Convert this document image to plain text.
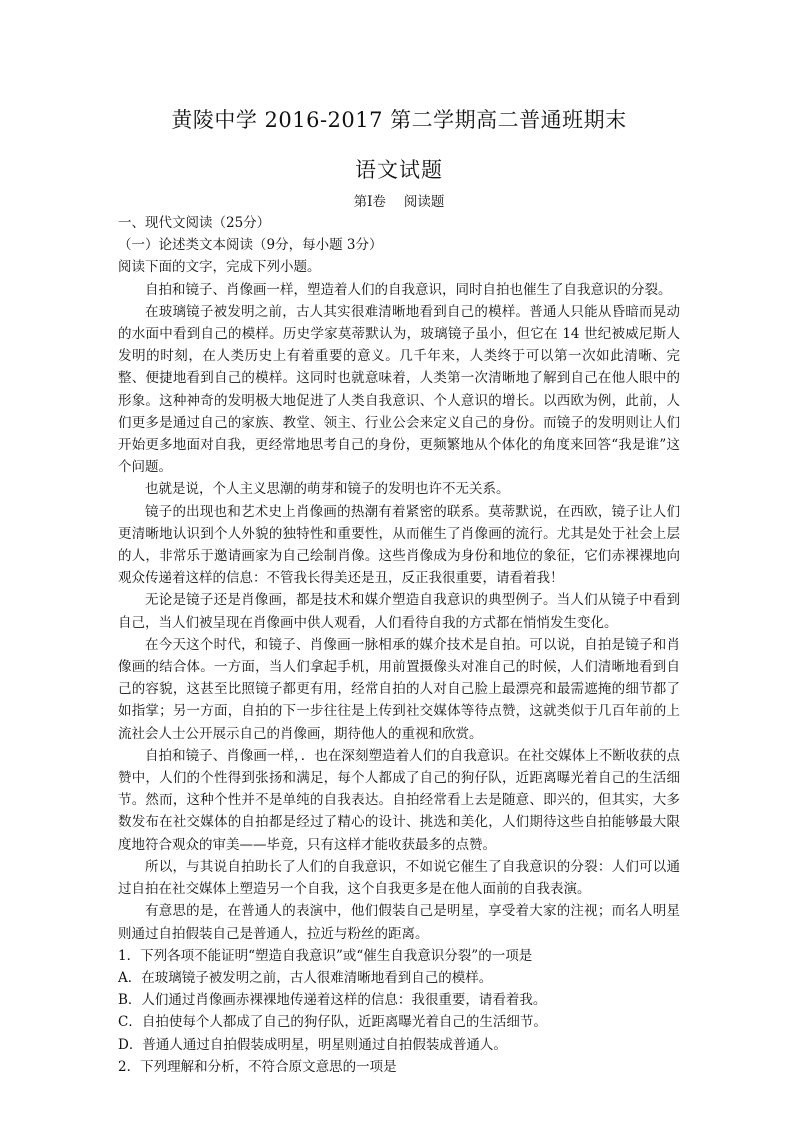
黄陵中学 2016-2017 第二学期高二普通班期末
语文试题
第Ⅰ卷 阅读题
一、现代文阅读（25分）
（一）论述类文本阅读（9分，每小题 3分）
阅读下面的文字，完成下列小题。
自拍和镜子、肖像画一样，塑造着人们的自我意识，同时自拍也催生了自我意识的分裂。
在玻璃镜子被发明之前，古人其实很难清晰地看到自己的模样。普通人只能从昏暗而晃动的水面中看到自己的模样。历史学家莫蒂默认为，玻璃镜子虽小，但它在 14 世纪被威尼斯人发明的时刻，在人类历史上有着重要的意义。几千年来，人类终于可以第一次如此清晰、完整、便捷地看到自己的模样。这同时也就意味着，人类第一次清晰地了解到自己在他人眼中的形象。这种神奇的发明极大地促进了人类自我意识、个人意识的增长。以西欧为例，此前，人们更多是通过自己的家族、教堂、领主、行业公会来定义自己的身份。而镜子的发明则让人们开始更多地面对自我，更经常地思考自己的身份，更频繁地从个体化的角度来回答“我是谁”这个问题。
也就是说，个人主义思潮的萌芽和镜子的发明也许不无关系。
镜子的出现也和艺术史上肖像画的热潮有着紧密的联系。莫蒂默说，在西欧，镜子让人们更清晰地认识到个人外貌的独特性和重要性，从而催生了肖像画的流行。尤其是处于社会上层的人，非常乐于邀请画家为自己绘制肖像。这些肖像成为身份和地位的象征，它们赤裸裸地向观众传递着这样的信息：不管我长得美还是丑，反正我很重要，请看着我！
无论是镜子还是肖像画，都是技术和媒介塑造自我意识的典型例子。当人们从镜子中看到自己，当人们被呈现在肖像画中供人观看，人们看待自我的方式都在悄悄发生变化。
在今天这个时代，和镜子、肖像画一脉相承的媒介技术是自拍。可以说，自拍是镜子和肖像画的结合体。一方面，当人们拿起手机，用前置摄像头对准自己的时候，人们清晰地看到自己的容貌，这甚至比照镜子都更有用，经常自拍的人对自己脸上最漂亮和最需遮掩的细节都了如指掌；另一方面，自拍的下一步往往是上传到社交媒体等待点赞，这就类似于几百年前的上流社会人士公开展示自己的肖像画，期待他人的重视和欣赏。
自拍和镜子、肖像画一样，．也在深刻塑造着人们的自我意识。在社交媒体上不断收获的点赞中，人们的个性得到张扬和满足，每个人都成了自己的狗仔队，近距离曝光着自己的生活细节。然而，这种个性并不是单纯的自我表达。自拍经常看上去是随意、即兴的，但其实，大多数发布在社交媒体的自拍都是经过了精心的设计、挑选和美化，人们期待这些自拍能够最大限度地符合观众的审美——毕竟，只有这样才能收获最多的点赞。
所以，与其说自拍助长了人们的自我意识，不如说它催生了自我意识的分裂：人们可以通过自拍在社交媒体上塑造另一个自我，这个自我更多是在他人面前的自我表演。
有意思的是，在普通人的表演中，他们假装自己是明星，享受着大家的注视；而名人明星则通过自拍假装自己是普通人，拉近与粉丝的距离。
1．下列各项不能证明“塑造自我意识”或“催生自我意识分裂”的一项是
A．在玻璃镜子被发明之前，古人很难清晰地看到自己的模样。
B．人们通过肖像画赤裸裸地传递着这样的信息：我很重要，请看着我。
C．自拍使每个人都成了自己的狗仔队，近距离曝光着自己的生活细节。
D．普通人通过自拍假装成明星，明星则通过自拍假装成普通人。
2．下列理解和分析，不符合原文意思的一项是
